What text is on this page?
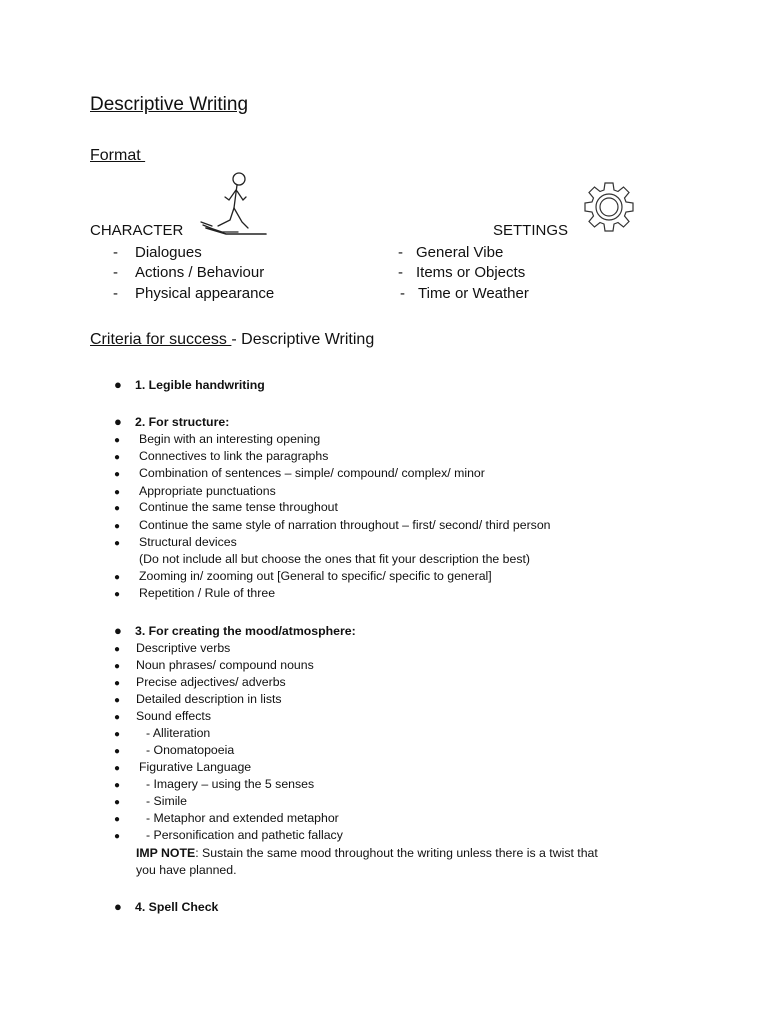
Descriptive Writing
Format
CHARACTER
- Dialogues
- Actions / Behaviour
- Physical appearance
SETTINGS
- General Vibe
- Items or Objects
- Time or Weather
Criteria for success - Descriptive Writing
● 1. Legible handwriting
● 2. For structure:
● Begin with an interesting opening
● Connectives to link the paragraphs
● Combination of sentences – simple/ compound/ complex/ minor
● Appropriate punctuations
● Continue the same tense throughout
● Continue the same style of narration throughout – first/ second/ third person
● Structural devices
(Do not include all but choose the ones that fit your description the best)
● Zooming in/ zooming out [General to specific/ specific to general]
● Repetition / Rule of three
● 3. For creating the mood/atmosphere:
● Descriptive verbs
● Noun phrases/ compound nouns
● Precise adjectives/ adverbs
● Detailed description in lists
● Sound effects
● - Alliteration
● - Onomatopoeia
● Figurative Language
● - Imagery – using the 5 senses
● - Simile
● - Metaphor and extended metaphor
● - Personification and pathetic fallacy
IMP NOTE: Sustain the same mood throughout the writing unless there is a twist that
you have planned.
● 4. Spell Check
